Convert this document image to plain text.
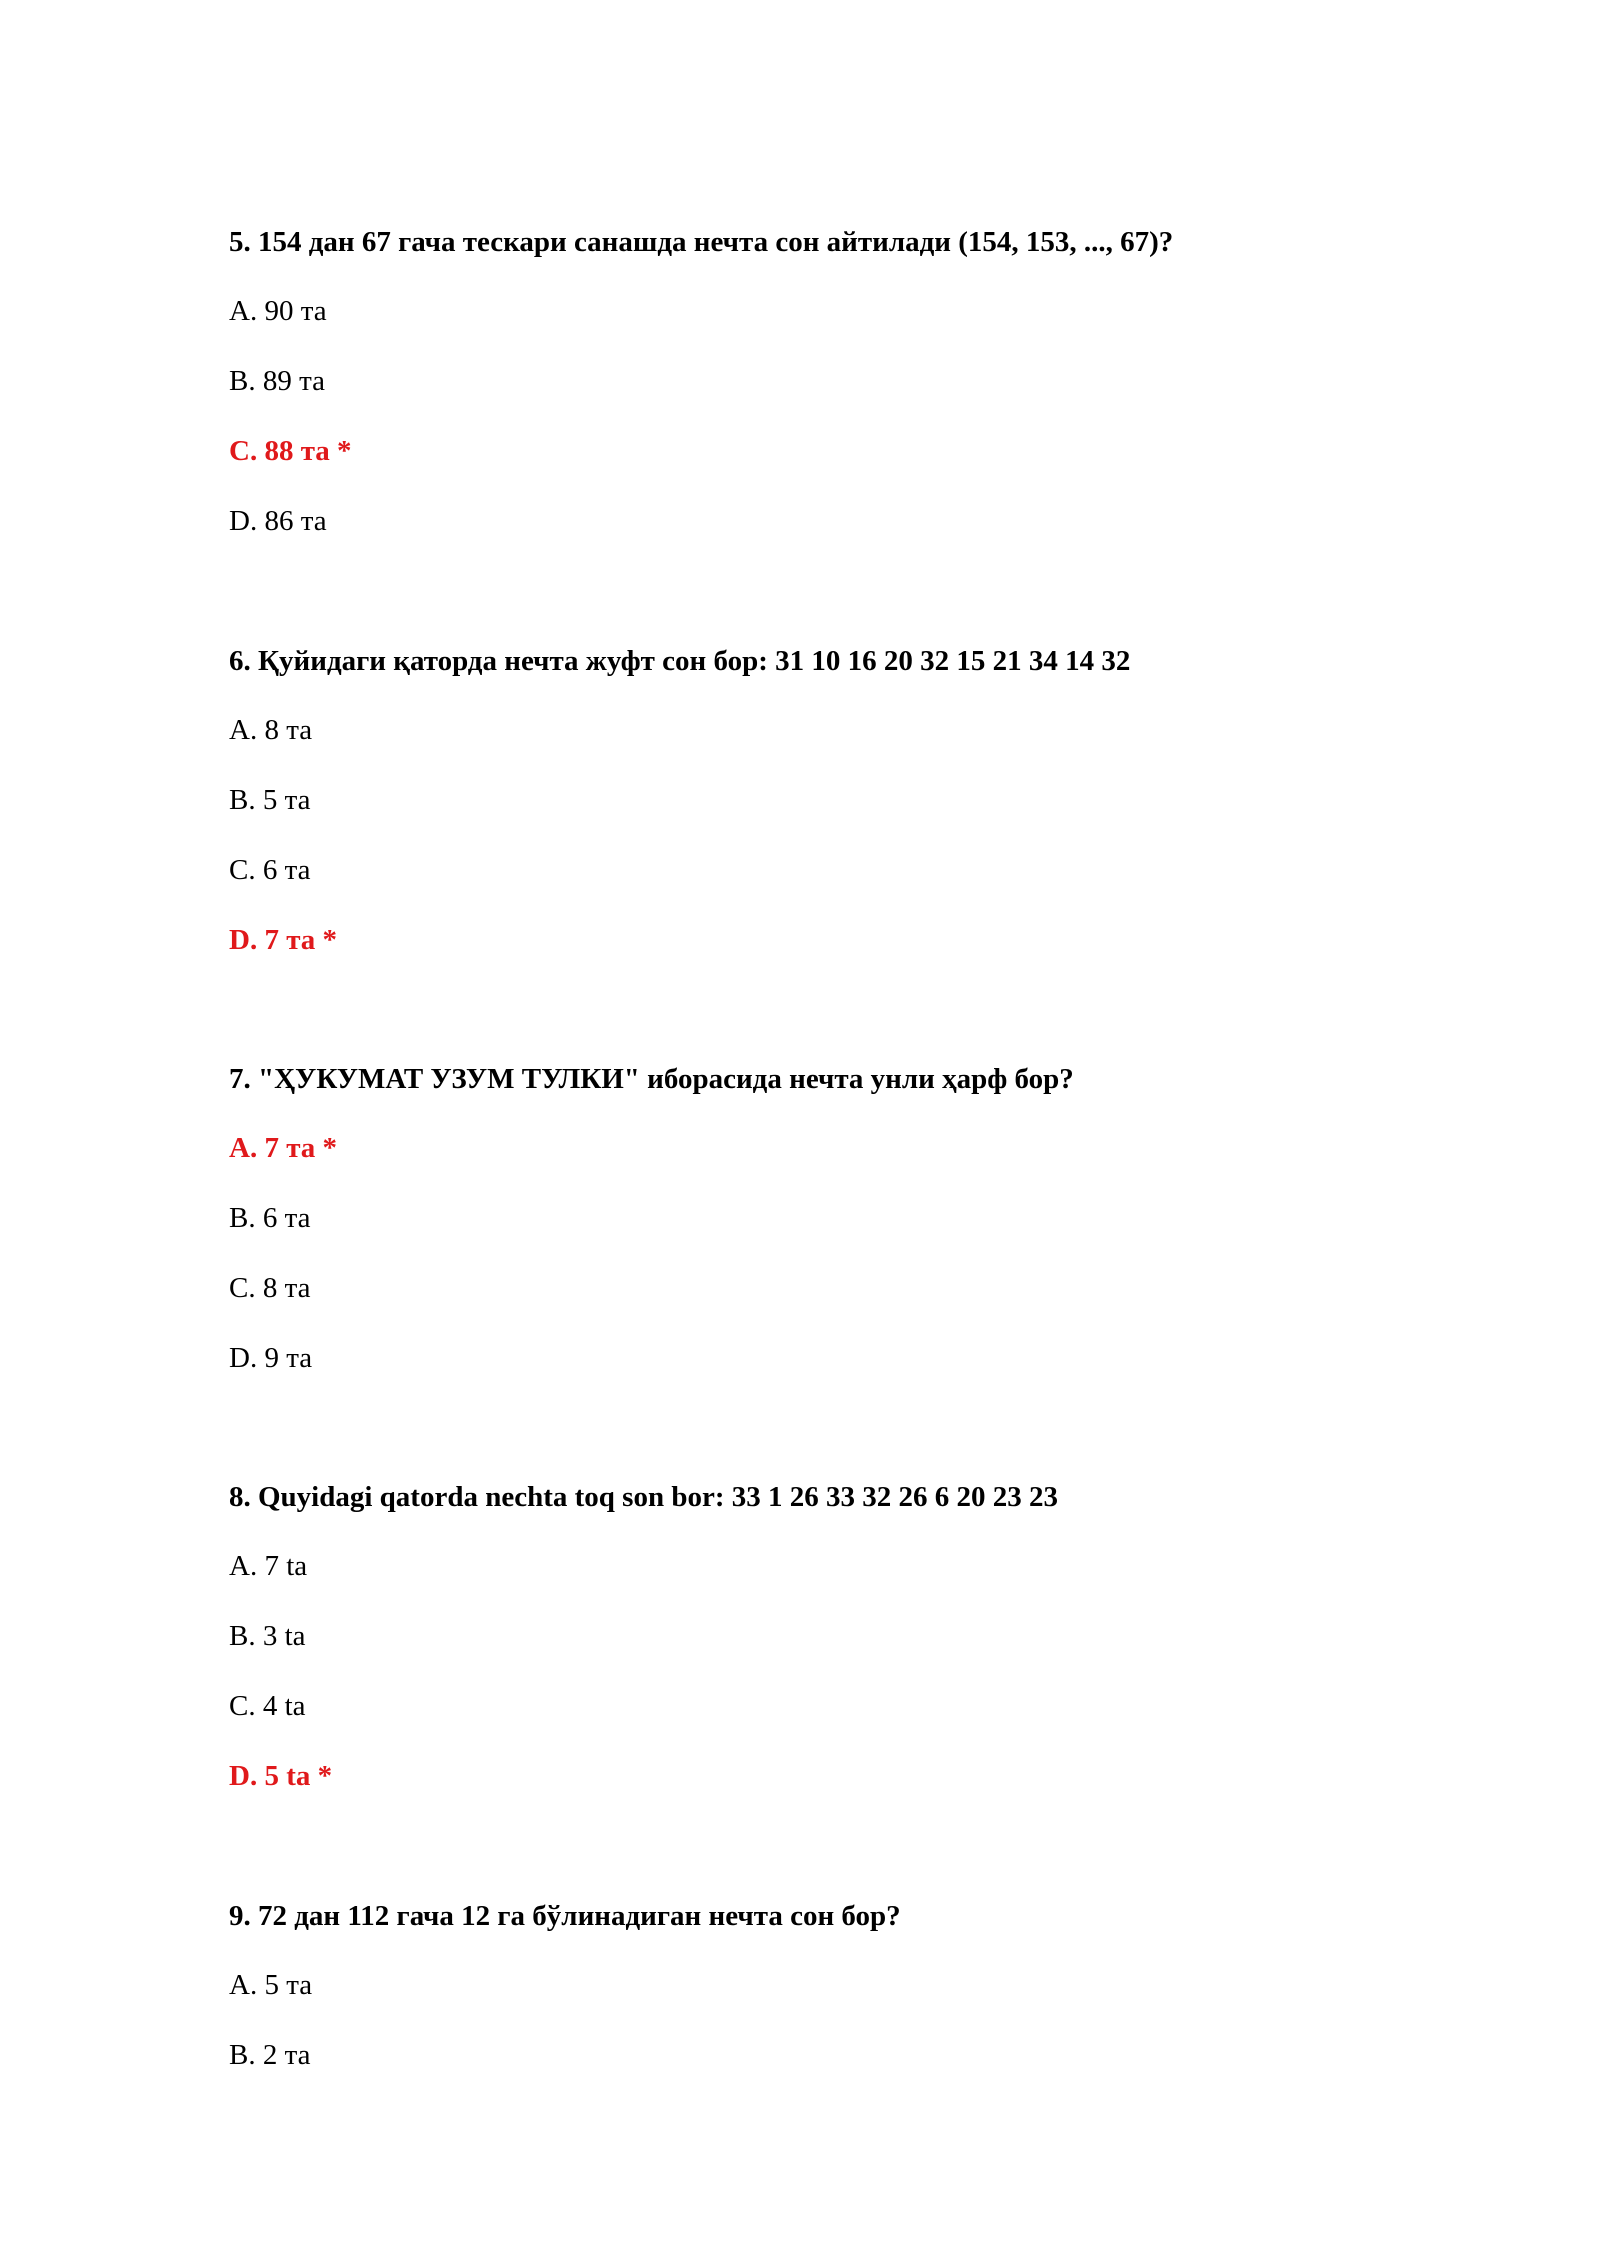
5. 154 дан 67 гача тескари санашда нечта сон айтилади (154, 153, ..., 67)?

A. 90 та

B. 89 та

C. 88 та *

D. 86 та

6. Қуйидаги қаторда нечта жуфт сон бор: 31 10 16 20 32 15 21 34 14 32

A. 8 та

B. 5 та

C. 6 та

D. 7 та *

7. "ҲУКУМАТ УЗУМ ТУЛКИ" иборасида нечта унли ҳарф бор?

A. 7 та *

B. 6 та

C. 8 та

D. 9 та

8. Quyidagi qatorda nechta toq son bor: 33 1 26 33 32 26 6 20 23 23

A. 7 ta

B. 3 ta

C. 4 ta

D. 5 ta *

9. 72 дан 112 гача 12 га бўлинадиган нечта сон бор?

A. 5 та

B. 2 та
